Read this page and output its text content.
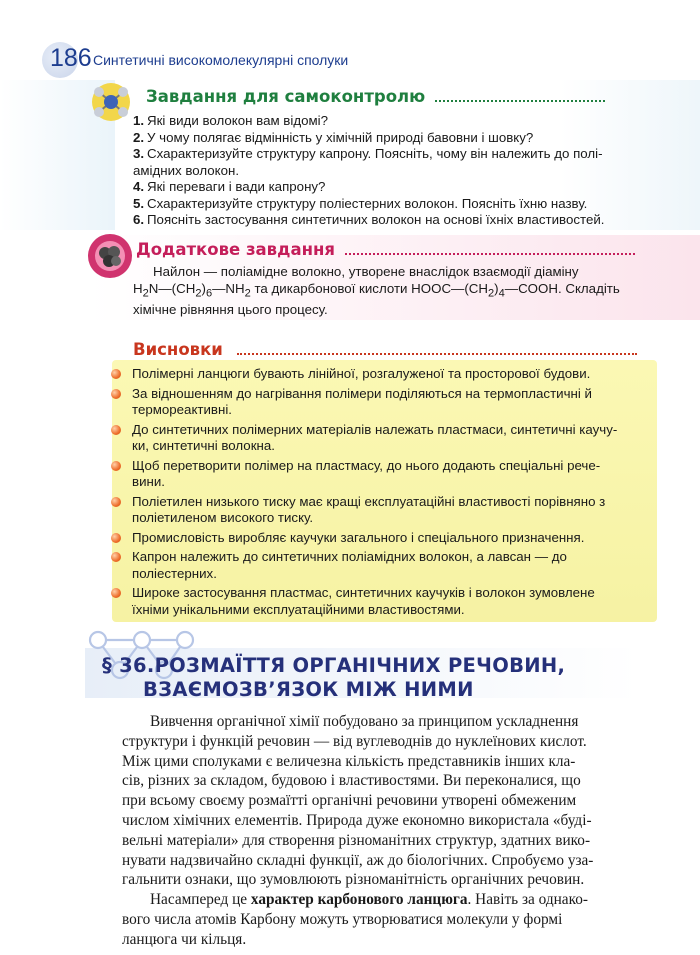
186 Синтетичні високомолекулярні сполуки
Завдання для самоконтролю
1. Які види волокон вам відомі?
2. У чому полягає відмінність у хімічній природі бавовни і шовку?
3. Схарактеризуйте структуру капрону. Поясніть, чому він належить до полі-
амідних волокон.
4. Які переваги і вади капрону?
5. Схарактеризуйте структуру поліестерних волокон. Поясніть їхню назву.
6. Поясніть застосування синтетичних волокон на основі їхніх властивостей.
Додаткове завдання
Найлон — поліамідне волокно, утворене внаслідок взаємодії діаміну
$H_2N—(CH_2)_6—NH_2$ та дикарбонової кислоти $HOOC—(CH_2)_4—COOH$. Складіть
хімічне рівняння цього процесу.
Висновки
Полімерні ланцюги бувають лінійної, розгалуженої та просторової будови.
За відношенням до нагрівання полімери поділяються на термопластичні й
термореактивні.
До синтетичних полімерних матеріалів належать пластмаси, синтетичні каучу-
ки, синтетичні волокна.
Щоб перетворити полімер на пластмасу, до нього додають спеціальні рече-
вини.
Поліетилен низького тиску має кращі експлуатаційні властивості порівняно з
поліетиленом високого тиску.
Промисловість виробляє каучуки загального і спеціального призначення.
Капрон належить до синтетичних поліамідних волокон, а лавсан — до
поліестерних.
Широке застосування пластмас, синтетичних каучуків і волокон зумовлене
їхніми унікальними експлуатаційними властивостями.
§ 36.РОЗМАЇТТЯ ОРГАНІЧНИХ РЕЧОВИН,
ВЗАЄМОЗВ’ЯЗОК МІЖ НИМИ
Вивчення органічної хімії побудовано за принципом ускладнення
структури і функцій речовин — від вуглеводнів до нуклеїнових кислот.
Між цими сполуками є величезна кількість представників інших кла-
сів, різних за складом, будовою і властивостями. Ви переконалися, що
при всьому своєму розмаїтті органічні речовини утворені обмеженим
числом хімічних елементів. Природа дуже економно використала «буді-
вельні матеріали» для створення різноманітних структур, здатних вико-
нувати надзвичайно складні функції, аж до біологічних. Спробуємо уза-
гальнити ознаки, що зумовлюють різноманітність органічних речовин.
Насамперед це характер карбонового ланцюга. Навіть за однако-
вого числа атомів Карбону можуть утворюватися молекули у формі
ланцюга чи кільця.
